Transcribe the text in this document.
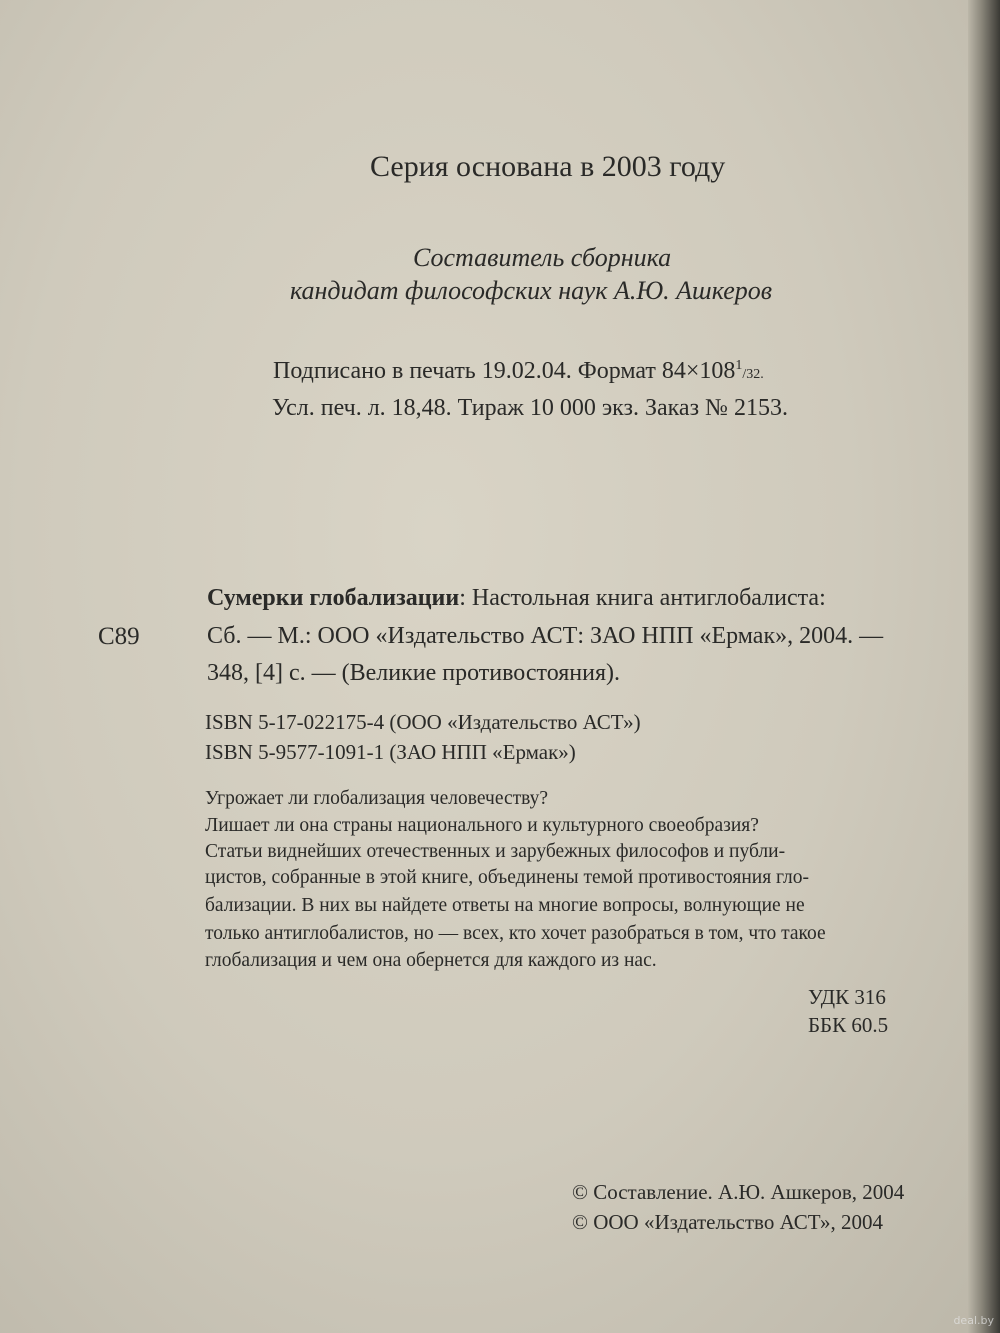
Серия основана в 2003 году

Составитель сборника

кандидат философских наук А.Ю. Ашкеров

Подписано в печать 19.02.04. Формат $84\times 108^1/32$.

Усл. печ. л. 18,48. Тираж 10 000 экз. Заказ № 2153.

Сумерки глобализации: Настольная книга антиглобалиста:

С89	Сб. — М.: ООО «Издательство АСТ: ЗАО НПП «Ермак», 2004. —

348, [4] с. — (Великие противостояния).

ISBN 5-17-022175-4 (ООО «Издательство АСТ»)

ISBN 5-9577-1091-1 (ЗАО НПП «Ермак»)

Угрожает ли глобализация человечеству?

Лишает ли она страны национального и культурного своеобразия?

Статьи виднейших отечественных и зарубежных философов и публи-

цистов, собранные в этой книге, объединены темой противостояния гло-

бализации. В них вы найдете ответы на многие вопросы, волнующие не

только антиглобалистов, но — всех, кто хочет разобраться в том, что такое

глобализация и чем она обернется для каждого из нас.

УДК 316

ББК 60.5

© Составление. А.Ю. Ашкеров, 2004

© ООО «Издательство АСТ», 2004

deal.by
